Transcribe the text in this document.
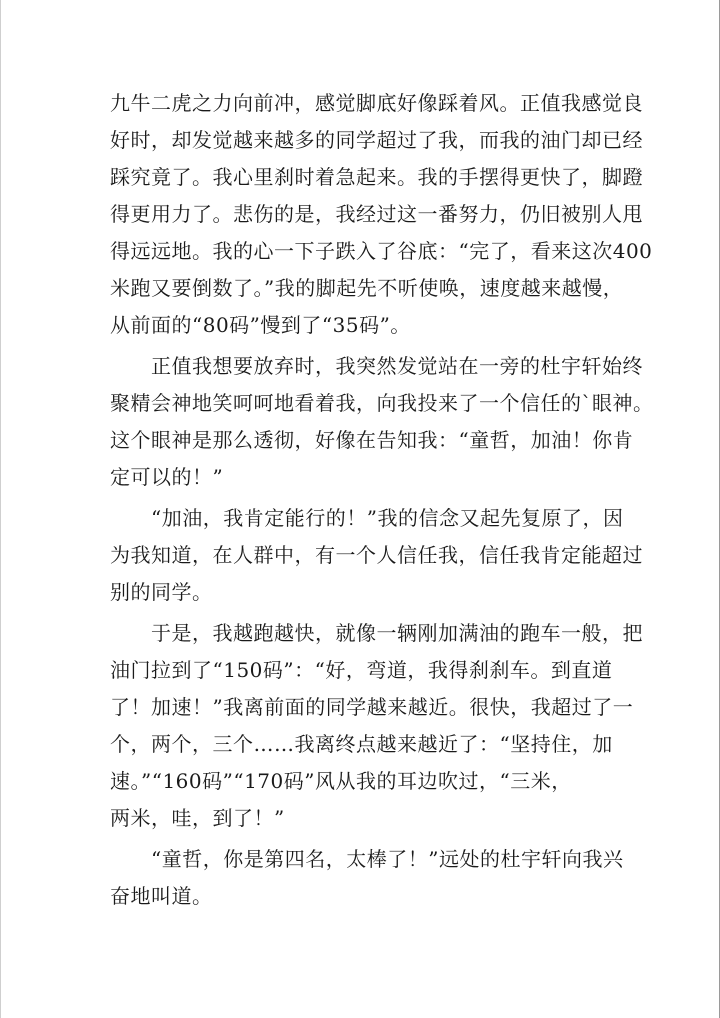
九牛二虎之力向前冲，感觉脚底好像踩着风。正值我感觉良
好时，却发觉越来越多的同学超过了我，而我的油门却已经
踩究竟了。我心里刹时着急起来。我的手摆得更快了，脚蹬
得更用力了。悲伤的是，我经过这一番努力，仍旧被别人甩
得远远地。我的心一下子跌入了谷底：“完了，看来这次400
米跑又要倒数了。”我的脚起先不听使唤，速度越来越慢，
从前面的“80码”慢到了“35码”。
　　正值我想要放弃时，我突然发觉站在一旁的杜宇轩始终
聚精会神地笑呵呵地看着我，向我投来了一个信任的`眼神。
这个眼神是那么透彻，好像在告知我：“童哲，加油！你肯
定可以的！”
　　“加油，我肯定能行的！”我的信念又起先复原了，因
为我知道，在人群中，有一个人信任我，信任我肯定能超过
别的同学。
　　于是，我越跑越快，就像一辆刚加满油的跑车一般，把
油门拉到了“150码”：“好，弯道，我得刹刹车。到直道
了！加速！”我离前面的同学越来越近。很快，我超过了一
个，两个，三个……我离终点越来越近了：“坚持住，加
速。”“160码”“170码”风从我的耳边吹过，“三米，
两米，哇，到了！”
　　“童哲，你是第四名，太棒了！”远处的杜宇轩向我兴
奋地叫道。
